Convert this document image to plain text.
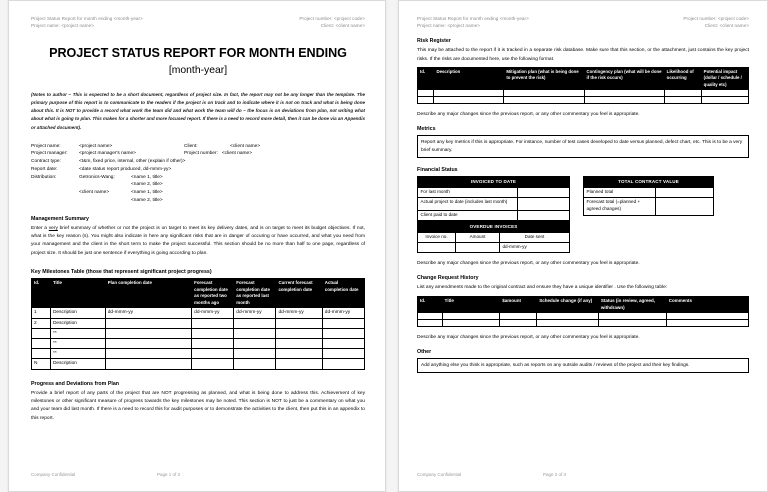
Project Status Report for month ending <month-year>
Project name: <project name>
Project number: <project code>
Client: <client name>
PROJECT STATUS REPORT FOR MONTH ENDING
[month-year]
(Notes to author – This is expected to be a short document, regardless of project size. In fact, the report may not be any longer than the template. The primary purpose of this report is to communicate to the readers if the project is on track and to indicate where it is not on track and what is being done about this. It is NOT to provide a record what work the team did and what work the team will do – the focus is on deviations from plan, not writing what about what is going to plan. This makes for a shorter and more focused report. If there is a need to record more detail, then it can be done via an Appendix or attached document).
Project name:	<project name>	Client:	<client name>
Project manager:	<project manager's name>	Project number: <client name>
Contract type:	<t&m, fixed price, internal, other (explain if other)>
Report date:	<date status report produced, dd-mmm-yy>
Distribution:	Getronics-Wang:	<name 1, title>
<name 2, title>
<client name>	<name 1, title>
<name 2, title>
Management Summary

Enter a very brief summary of whether or not the project is on target to meet its key delivery dates, and is on target to meet its budget objectives. If not, what is the key reason (s). You might also indicate in here any significant risks that are in danger of occuring or have occurred, and what you need from your management and the client in the short term to make the project successful. This section should be no more than half to one page, regardless of project size. It should be just one sentence if everything is going according to plan.

Key Milestones Table (those that represent significant project progress)
Id.	Title	Plan completion date	Forecast completion date as reported two months ago	Forecast completion date as reported last month	Current forecast completion date	Actual completion date
1	Description	dd-mmm-yy	dd-mmm-yy	dd-mmm-yy	dd-mmm-yy	dd-mmm-yy
2	Description					
	**					
	**					
	**					
N	Description					
Progress and Deviations from Plan

Provide a brief report of any parts of the project that are NOT progressing as planned, and what is being done to address this. Achievement of key milestones or other significant measure of progress towards the key milestones may be noted. This section is NOT to just be a commentary on what you and your team did last month. If there is a need to record this for audit purposes or to demonstrate the activities to the client, then put this in an appendix to this report.

Company Confidential	Page 1 of 3
Project Status Report for month ending <month-year>
Project name: <project name>
Project number: <project code>
Client: <client name>
Risk Register

This may be attached to the report if it is tracked in a separate risk database. Make sure that this section, or the attachment, just contains the key project risks. If the risks are documented here, use the following format.

Id.	Description	Mitigation plan (what is being done to prevent the risk)	Contingency plan (what will be done if the risk occurs)	Likelihood of occurring	Potential impact (dollar / schedule / quality etc)

Describe any major changes since the previous report, or any other commentary you feel is appropriate.

Metrics
Report any key metrics if this is appropriate. For instance, number of test cases developed to date versus planned, defect chart, etc. This is to be a very brief summary.
Financial Status
INVOICED TO DATE	
For last month	
Actual project to date (includes last month)	
Client paid to date	
OVERDUE INVOICES		
Invoice no.	Amount	Date sent
		dd-mmm-yy
TOTAL CONTRACT VALUE	
Planned total	
Forecast total (=planned + agreed changes)	

Describe any major changes since the previous report, or any other commentary you feel is appropriate.

Change Request History

List any amendments made to the original contract and ensure they have a unique identifier . Use the following table:

Id.	Title	$amount	Schedule change (if any)	Status (in review, agreed, withdrawn)	Comments

Describe any major changes since the previous report, or any other commentary you feel is appropriate.

Other
Add anything else you think is appropriate, such as reports on any outside audits / reviews of the project and their key findings.
Company Confidential	Page 2 of 3
